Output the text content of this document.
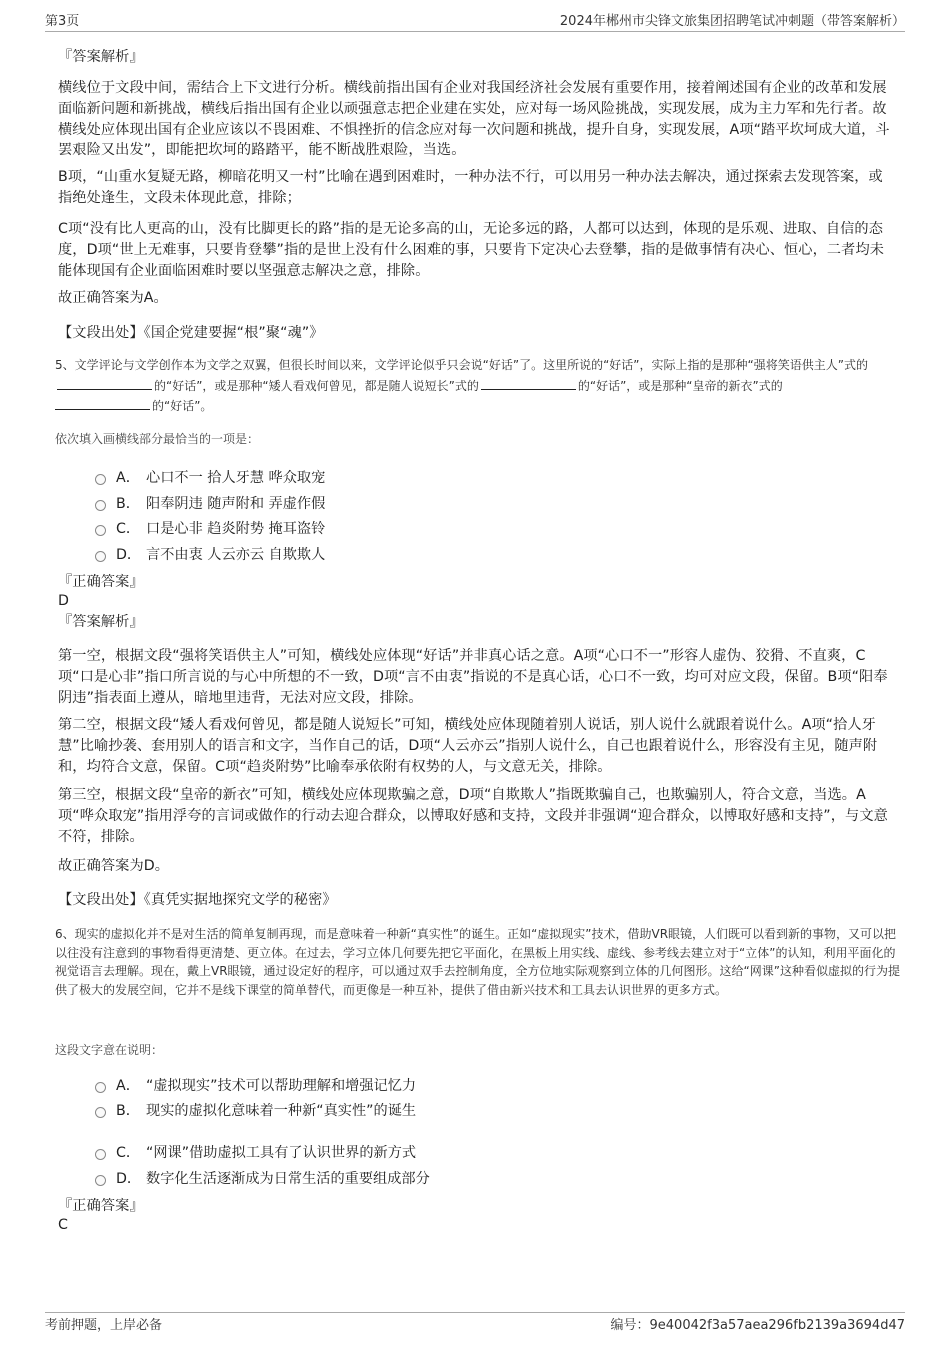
第3页	2024年郴州市尖锋文旅集团招聘笔试冲刺题（带答案解析）
『答案解析』
横线位于文段中间，需结合上下文进行分析。横线前指出国有企业对我国经济社会发展有重要作用，接着阐述国有企业的改革和发展面临新问题和新挑战，横线后指出国有企业以顽强意志把企业建在实处，应对每一场风险挑战，实现发展，成为主力军和先行者。故横线处应体现出国有企业应该以不畏困难、不惧挫折的信念应对每一次问题和挑战，提升自身，实现发展，A项“踏平坎坷成大道，斗罢艰险又出发”，即能把坎坷的路踏平，能不断战胜艰险，当选。
B项，“山重水复疑无路，柳暗花明又一村”比喻在遇到困难时，一种办法不行，可以用另一种办法去解决，通过探索去发现答案，或指绝处逢生，文段未体现此意，排除；
C项“没有比人更高的山，没有比脚更长的路”指的是无论多高的山，无论多远的路，人都可以达到，体现的是乐观、进取、自信的态度，D项“世上无难事，只要肯登攀”指的是世上没有什么困难的事，只要肯下定决心去登攀，指的是做事情有决心、恒心，二者均未能体现国有企业面临困难时要以坚强意志解决之意，排除。
故正确答案为A。
【文段出处】《国企党建要握“根”聚“魂”》
5、文学评论与文学创作本为文学之双翼，但很长时间以来，文学评论似乎只会说“好话”了。这里所说的“好话”，实际上指的是那种“强将笑语供主人”式的的“好话”，或是那种“矮人看戏何曾见，都是随人说短长”式的	的“好话”，或是那种“皇帝的新衣”式的
的“好话”。
依次填入画横线部分最恰当的一项是：
A． 心口不一 拾人牙慧 哗众取宠
B． 阳奉阴违 随声附和 弄虚作假
C． 口是心非 趋炎附势 掩耳盗铃
D． 言不由衷 人云亦云 自欺欺人
『正确答案』
D
『答案解析』
第一空，根据文段“强将笑语供主人”可知，横线处应体现“好话”并非真心话之意。A项“心口不一”形容人虚伪、狡猾、不直爽，C项“口是心非”指口所言说的与心中所想的不一致，D项“言不由衷”指说的不是真心话，心口不一致，均可对应文段，保留。B项“阳奉阴违”指表面上遵从，暗地里违背，无法对应文段，排除。
第二空，根据文段“矮人看戏何曾见，都是随人说短长”可知，横线处应体现随着别人说话，别人说什么就跟着说什么。A项“拾人牙慧”比喻抄袭、套用别人的语言和文字，当作自己的话，D项“人云亦云”指别人说什么，自己也跟着说什么，形容没有主见，随声附和，均符合文意，保留。C项“趋炎附势”比喻奉承依附有权势的人，与文意无关，排除。
第三空，根据文段“皇帝的新衣”可知，横线处应体现欺骗之意，D项“自欺欺人”指既欺骗自己，也欺骗别人，符合文意，当选。A项“哗众取宠”指用浮夸的言词或做作的行动去迎合群众，以博取好感和支持，文段并非强调“迎合群众，以博取好感和支持”，与文意不符，排除。
故正确答案为D。
【文段出处】《真凭实据地探究文学的秘密》
6、现实的虚拟化并不是对生活的简单复制再现，而是意味着一种新“真实性”的诞生。正如“虚拟现实”技术，借助VR眼镜，人们既可以看到新的事物，又可以把以往没有注意到的事物看得更清楚、更立体。在过去，学习立体几何要先把它平面化，在黑板上用实线、虚线、参考线去建立对于“立体”的认知，利用平面化的视觉语言去理解。现在，戴上VR眼镜，通过设定好的程序，可以通过双手去控制角度，全方位地实际观察到立体的几何图形。这给“网课”这种看似虚拟的行为提供了极大的发展空间，它并不是线下课堂的简单替代，而更像是一种互补，提供了借由新兴技术和工具去认识世界的更多方式。
这段文字意在说明：
A． “虚拟现实”技术可以帮助理解和增强记忆力
B． 现实的虚拟化意味着一种新“真实性”的诞生
C． “网课”借助虚拟工具有了认识世界的新方式
D． 数字化生活逐渐成为日常生活的重要组成部分
『正确答案』
C
考前押题，上岸必备	编号：9e40042f3a57aea296fb2139a3694d47
